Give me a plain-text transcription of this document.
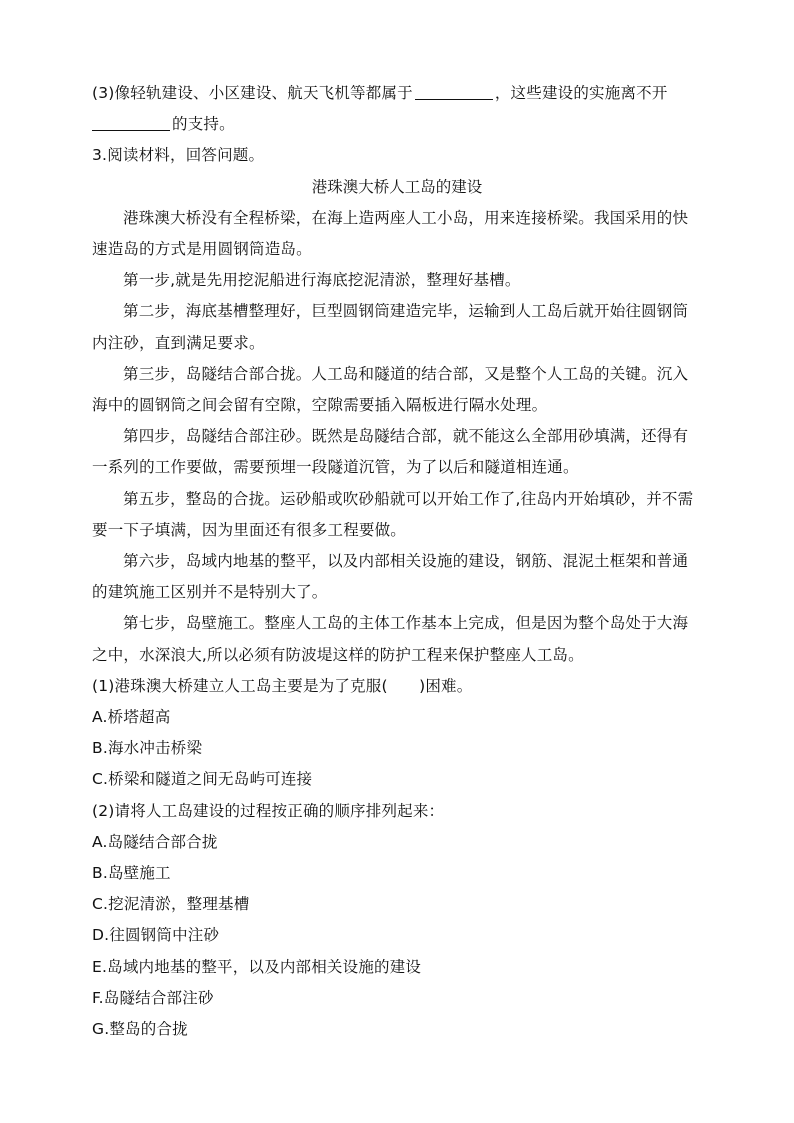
(3)像轻轨建设、小区建设、航天飞机等都属于	，这些建设的实施离不开
的支持。
3.阅读材料，回答问题。
港珠澳大桥人工岛的建设
港珠澳大桥没有全程桥梁，在海上造两座人工小岛，用来连接桥梁。我国采用的快
速造岛的方式是用圆钢筒造岛。
第一步,就是先用挖泥船进行海底挖泥清淤，整理好基槽。
第二步，海底基槽整理好，巨型圆钢筒建造完毕，运输到人工岛后就开始往圆钢筒
内注砂，直到满足要求。
第三步，岛隧结合部合拢。人工岛和隧道的结合部，又是整个人工岛的关键。沉入
海中的圆钢筒之间会留有空隙，空隙需要插入隔板进行隔水处理。
第四步，岛隧结合部注砂。既然是岛隧结合部，就不能这么全部用砂填满，还得有
一系列的工作要做，需要预埋一段隧道沉管，为了以后和隧道相连通。
第五步，整岛的合拢。运砂船或吹砂船就可以开始工作了,往岛内开始填砂，并不需
要一下子填满，因为里面还有很多工程要做。
第六步，岛域内地基的整平，以及内部相关设施的建设，钢筋、混泥土框架和普通
的建筑施工区别并不是特别大了。
第七步，岛壁施工。整座人工岛的主体工作基本上完成，但是因为整个岛处于大海
之中，水深浪大,所以必须有防波堤这样的防护工程来保护整座人工岛。
(1)港珠澳大桥建立人工岛主要是为了克服(　　)困难。
A.桥塔超高
B.海水冲击桥梁
C.桥梁和隧道之间无岛屿可连接
(2)请将人工岛建设的过程按正确的顺序排列起来：
A.岛隧结合部合拢
B.岛壁施工
C.挖泥清淤，整理基槽
D.往圆钢筒中注砂
E.岛域内地基的整平，以及内部相关设施的建设
F.岛隧结合部注砂
G.整岛的合拢
